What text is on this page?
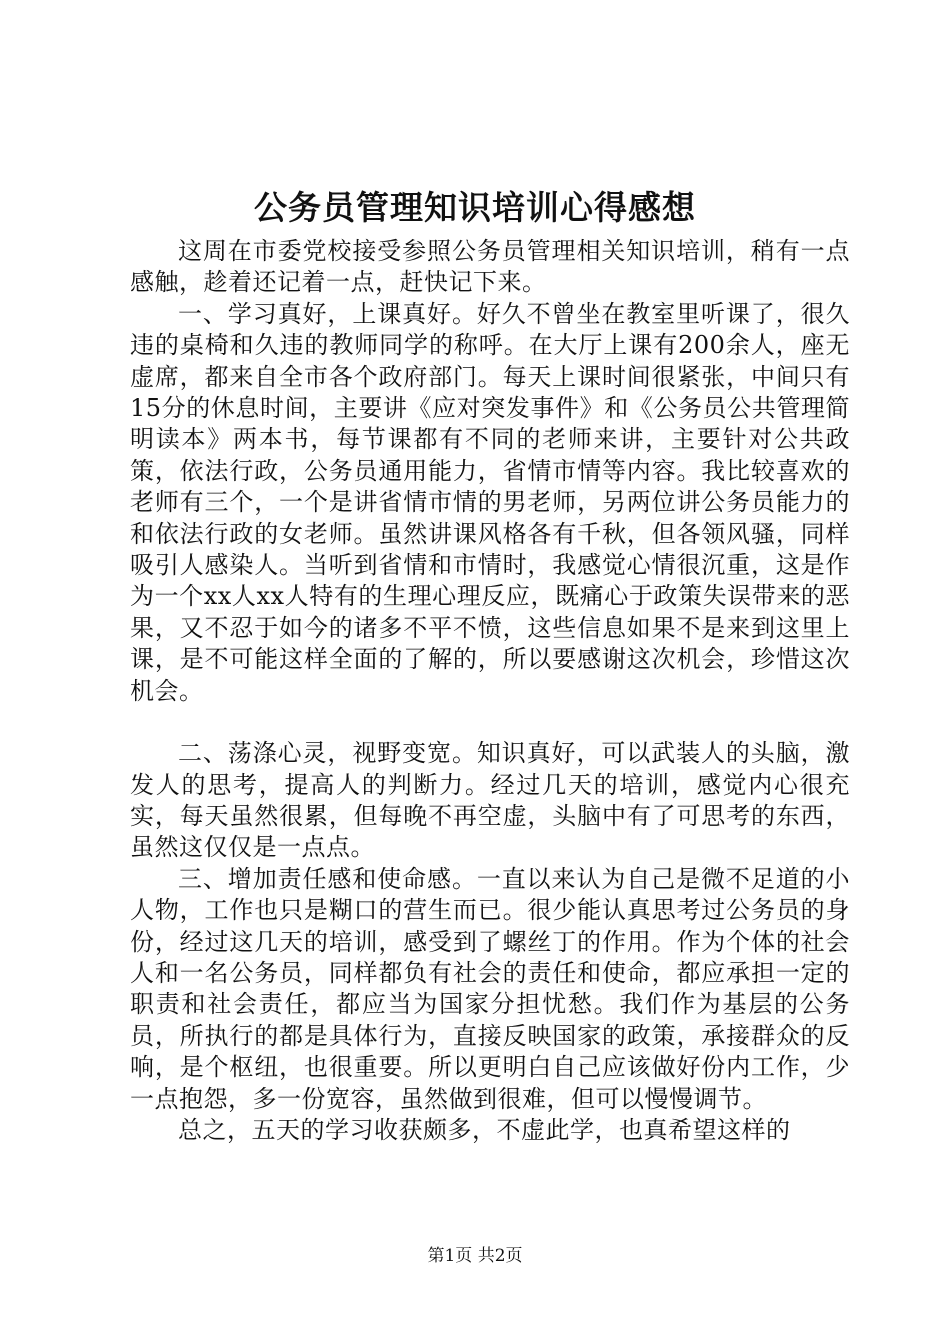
公务员管理知识培训心得感想

这周在市委党校接受参照公务员管理相关知识培训，稍有一点感触，趁着还记着一点，赶快记下来。

一、学习真好，上课真好。好久不曾坐在教室里听课了，很久违的桌椅和久违的教师同学的称呼。在大厅上课有200余人，座无虚席，都来自全市各个政府部门。每天上课时间很紧张，中间只有15分的休息时间，主要讲《应对突发事件》和《公务员公共管理简明读本》两本书，每节课都有不同的老师来讲，主要针对公共政策，依法行政，公务员通用能力，省情市情等内容。我比较喜欢的老师有三个，一个是讲省情市情的男老师，另两位讲公务员能力的和依法行政的女老师。虽然讲课风格各有千秋，但各领风骚，同样吸引人感染人。当听到省情和市情时，我感觉心情很沉重，这是作为一个xx人xx人特有的生理心理反应，既痛心于政策失误带来的恶果，又不忍于如今的诸多不平不愤，这些信息如果不是来到这里上课，是不可能这样全面的了解的，所以要感谢这次机会，珍惜这次机会。

二、荡涤心灵，视野变宽。知识真好，可以武装人的头脑，激发人的思考，提高人的判断力。经过几天的培训，感觉内心很充实，每天虽然很累，但每晚不再空虚，头脑中有了可思考的东西，虽然这仅仅是一点点。

三、增加责任感和使命感。一直以来认为自己是微不足道的小人物，工作也只是糊口的营生而已。很少能认真思考过公务员的身份，经过这几天的培训，感受到了螺丝丁的作用。作为个体的社会人和一名公务员，同样都负有社会的责任和使命，都应承担一定的职责和社会责任，都应当为国家分担忧愁。我们作为基层的公务员，所执行的都是具体行为，直接反映国家的政策，承接群众的反响，是个枢纽，也很重要。所以更明白自己应该做好份内工作，少一点抱怨，多一份宽容，虽然做到很难，但可以慢慢调节。

总之，五天的学习收获颇多，不虚此学，也真希望这样的

第1页 共2页
